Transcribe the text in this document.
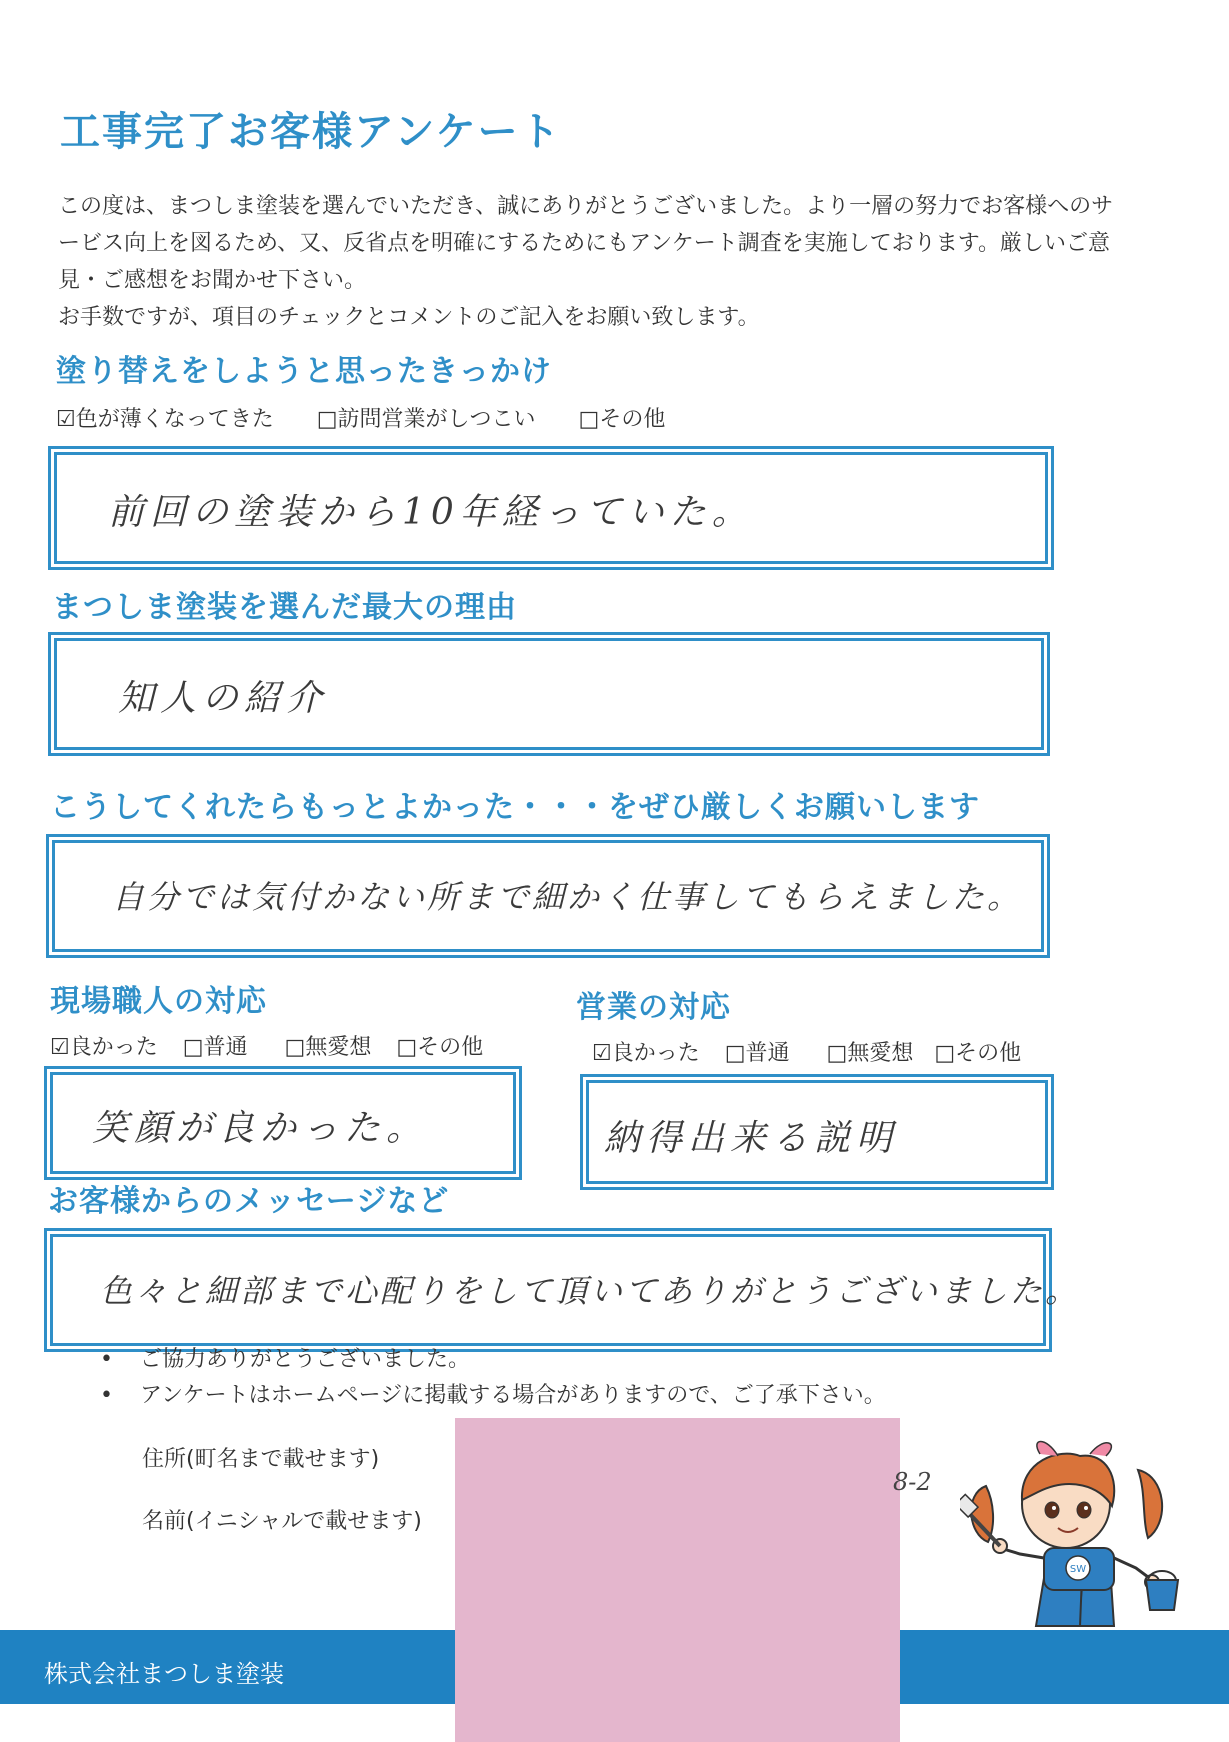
工事完了お客様アンケート

この度は、まつしま塗装を選んでいただき、誠にありがとうございました。より一層の努力でお客様へのサ

ービス向上を図るため、又、反省点を明確にするためにもアンケート調査を実施しております。厳しいご意

見・ご感想をお聞かせ下さい。

お手数ですが、項目のチェックとコメントのご記入をお願い致します。

塗り替えをしようと思ったきっかけ
☑色が薄くなってきた □訪問営業がしつこい □その他
前回の塗装から10年経っていた。
まつしま塗装を選んだ最大の理由
知人の紹介
こうしてくれたらもっとよかった・・・をぜひ厳しくお願いします
自分では気付かない所まで細かく仕事してもらえました。
現場職人の対応
☑良かった □普通 □無愛想 □その他
笑顔が良かった。
営業の対応
☑良かった □普通 □無愛想 □その他
納得出来る説明
お客様からのメッセージなど
色々と細部まで心配りをして頂いてありがとうございました。
• ご協力ありがとうございました。
• アンケートはホームページに掲載する場合がありますので、ご了承下さい。
住所(町名まで載せます)
名前(イニシャルで載せます)
8-2
SW
株式会社まつしま塗装
